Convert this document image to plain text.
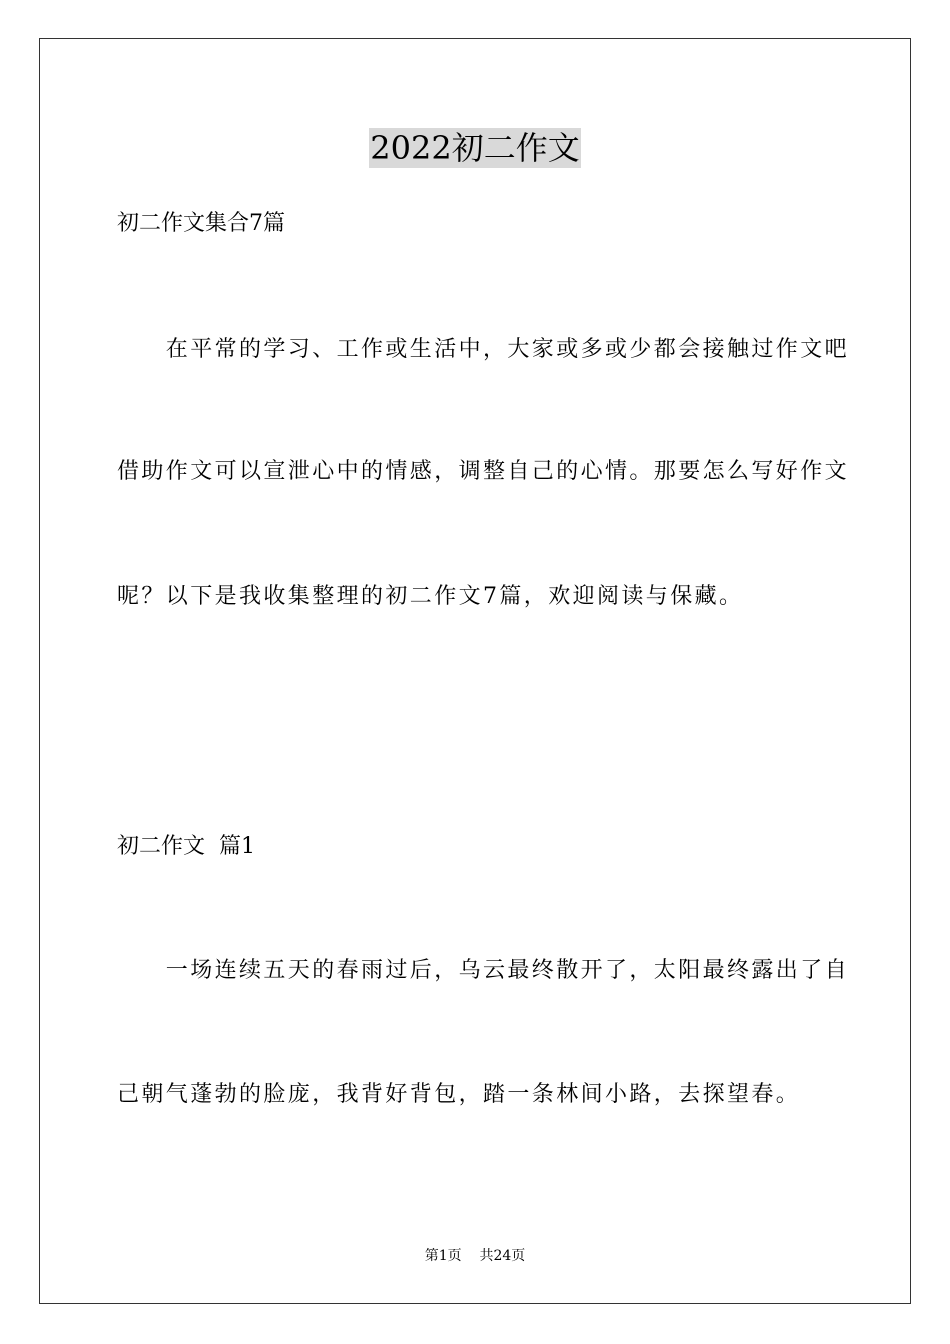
2022初二作文
初二作文集合7篇
　　在平常的学习、工作或生活中，大家或多或少都会接触过作文吧
借助作文可以宣泄心中的情感，调整自己的心情。那要怎么写好作文
呢？以下是我收集整理的初二作文7篇，欢迎阅读与保藏。
初二作文  篇1
　　一场连续五天的春雨过后，乌云最终散开了，太阳最终露出了自
己朝气蓬勃的脸庞，我背好背包，踏一条林间小路，去探望春。
第1页    共24页
